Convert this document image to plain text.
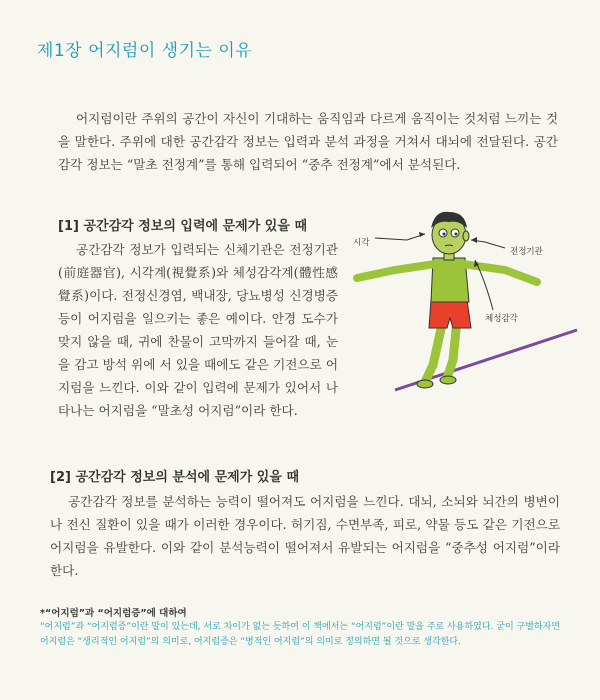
제1장 어지럼이 생기는 이유

어지럼이란 주위의 공간이 자신이 기대하는 움직임과 다르게 움직이는 것처럼 느끼는 것을 말한다. 주위에 대한 공간감각 정보는 입력과 분석 과정을 거쳐서 대뇌에 전달된다. 공간감각 정보는 “말초 전정계”를 통해 입력되어 “중추 전정계”에서 분석된다.

[1] 공간감각 정보의 입력에 문제가 있을 때

공간감각 정보가 입력되는 신체기관은 전정기관(前庭器官), 시각계(視覺系)와 체성감각계(體性感覺系)이다. 전정신경염, 백내장, 당뇨병성 신경병증 등이 어지럼을 일으키는 좋은 예이다. 안경 도수가 맞지 않을 때, 귀에 찬물이 고막까지 들어갈 때, 눈을 감고 방석 위에 서 있을 때에도 같은 기전으로 어지럼을 느낀다. 이와 같이 입력에 문제가 있어서 나타나는 어지럼을 “말초성 어지럼”이라 한다.

시각
전정기관
체성감각
[2] 공간감각 정보의 분석에 문제가 있을 때

공간감각 정보를 분석하는 능력이 떨어져도 어지럼을 느낀다. 대뇌, 소뇌와 뇌간의 병변이나 전신 질환이 있을 때가 이러한 경우이다. 허기짐, 수면부족, 피로, 약물 등도 같은 기전으로 어지럼을 유발한다. 이와 같이 분석능력이 떨어져서 유발되는 어지럼을 “중추성 어지럼”이라 한다.

*“어지럼”과 “어지럼증”에 대하여
“어지럼”과 “어지럼증”이란 말이 있는데, 서로 차이가 없는 듯하여 이 책에서는 “어지럼”이란 말을 주로 사용하였다. 굳이 구별하자면 어지럼은 “생리적인 어지럼”의 의미로, 어지럼증은 “병적인 어지럼”의 의미로 정의하면 될 것으로 생각한다.
